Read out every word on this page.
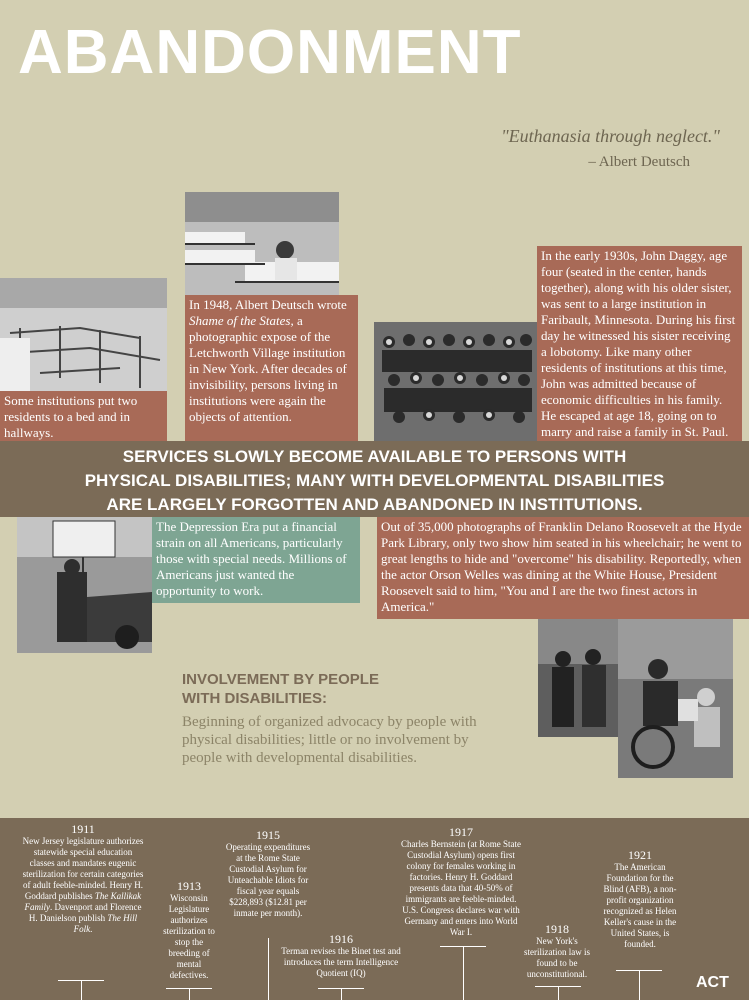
ABANDONMENT
"Euthanasia through neglect."
– Albert Deutsch
Some institutions put two residents to a bed and in hallways.
In 1948, Albert Deutsch wrote Shame of the States, a photographic expose of the Letchworth Village institution in New York. After decades of invisibility, persons living in institutions were again the objects of attention.
In the early 1930s, John Daggy, age four (seated in the center, hands together), along with his older sister, was sent to a large institution in Faribault, Minnesota. During his first day he witnessed his sister receiving a lobotomy. Like many other residents of institutions at this time, John was admitted because of economic difficulties in his family. He escaped at age 18, going on to marry and raise a family in St. Paul.
SERVICES SLOWLY BECOME AVAILABLE TO PERSONS WITH
PHYSICAL DISABILITIES; MANY WITH DEVELOPMENTAL DISABILITIES
ARE LARGELY FORGOTTEN AND ABANDONED IN INSTITUTIONS.
The Depression Era put a financial strain on all Americans, particularly those with special needs. Millions of Americans just wanted the opportunity to work.
Out of 35,000 photographs of Franklin Delano Roosevelt at the Hyde Park Library, only two show him seated in his wheelchair; he went to great lengths to hide and "overcome" his disability. Reportedly, when the actor Orson Welles was dining at the White House, President Roosevelt said to him, "You and I are the two finest actors in America."
INVOLVEMENT BY PEOPLE
WITH DISABILITIES:
Beginning of organized advocacy by people with physical disabilities; little or no involvement by people with developmental disabilities.
1911
New Jersey legislature authorizes statewide special education classes and mandates eugenic sterilization for certain categories of adult feeble-minded. Henry H. Goddard publishes The Kallikak Family. Davenport and Florence H. Danielson publish The Hill Folk.
1913
Wisconsin Legislature authorizes sterilization to stop the breeding of mental defectives.
1915
Operating expenditures at the Rome State Custodial Asylum for Unteachable Idiots for fiscal year equals $228,893 ($12.81 per inmate per month).
1916
Terman revises the Binet test and introduces the term Intelligence Quotient (IQ)
1917
Charles Bernstein (at Rome State Custodial Asylum) opens first colony for females working in factories. Henry H. Goddard presents data that 40-50% of immigrants are feeble-minded. U.S. Congress declares war with Germany and enters into World War I.	1918
New York's sterilization law is found to be unconstitutional.
1921
The American Foundation for the Blind (AFB), a non-profit organization recognized as Helen Keller's cause in the United States, is founded.
ACT
